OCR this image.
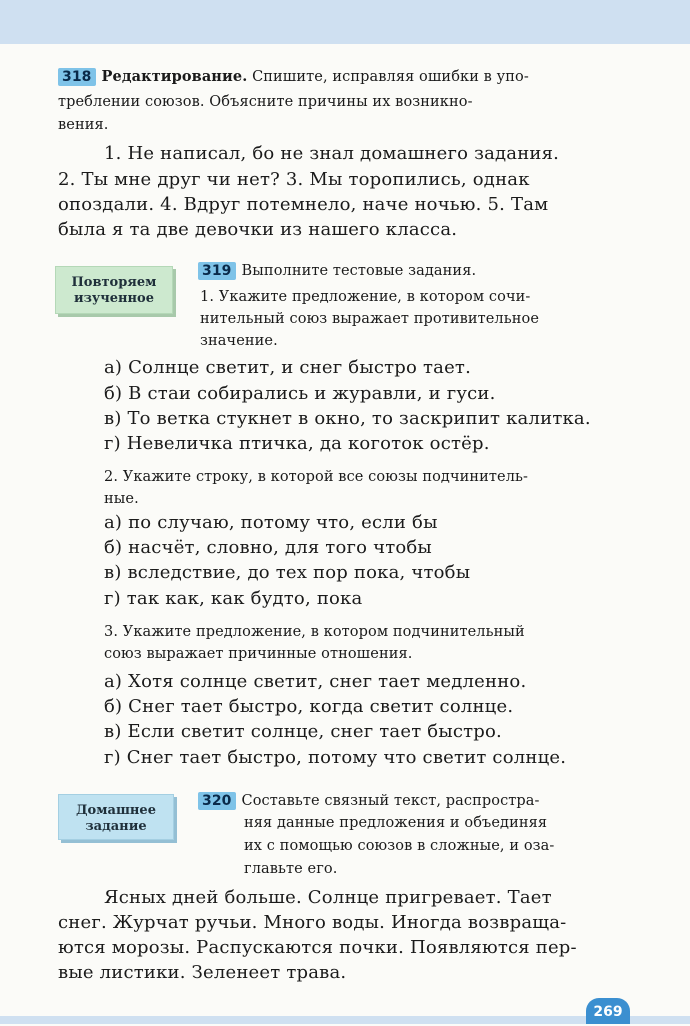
318 Редактирование. Спишите, исправляя ошибки в упо-
треблении союзов. Объясните причины их возникно-
вения.
1. Не написал, бо не знал домашнего задания.
2. Ты мне друг чи нет? 3. Мы торопились, однак
опоздали. 4. Вдруг потемнело, наче ночью. 5. Там
была я та две девочки из нашего класса.
Повторяем
изученное
319 Выполните тестовые задания.
1. Укажите предложение, в котором сочи-
нительный союз выражает противительное
значение.
а) Солнце светит, и снег быстро тает.
б) В стаи собирались и журавли, и гуси.
в) То ветка стукнет в окно, то заскрипит калитка.
г) Невеличка птичка, да коготок остёр.
2. Укажите строку, в которой все союзы подчинитель-
ные.
а) по случаю, потому что, если бы
б) насчёт, словно, для того чтобы
в) вследствие, до тех пор пока, чтобы
г) так как, как будто, пока
3. Укажите предложение, в котором подчинительный
союз выражает причинные отношения.
а) Хотя солнце светит, снег тает медленно.
б) Снег тает быстро, когда светит солнце.
в) Если светит солнце, снег тает быстро.
г) Снег тает быстро, потому что светит солнце.
Домашнее
задание
320 Составьте связный текст, распростра-
няя данные предложения и объединяя
их с помощью союзов в сложные, и оза-
главьте его.
Ясных дней больше. Солнце пригревает. Тает
снег. Журчат ручьи. Много воды. Иногда возвраща-
ются морозы. Распускаются почки. Появляются пер-
вые листики. Зеленеет трава.
269
